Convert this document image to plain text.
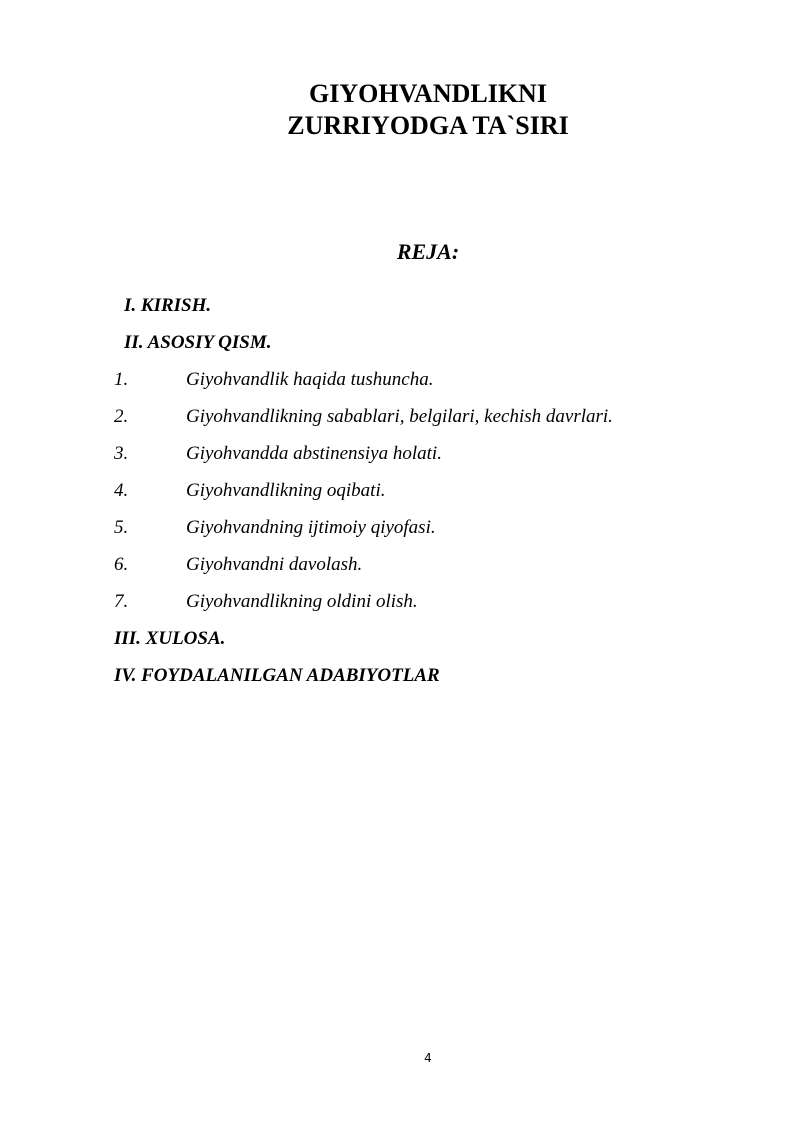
GIYOHVANDLIKNI
ZURRIYODGA TA`SIRI
REJA:
I. KIRISH.
II. ASOSIY QISM.
1.	Giyohvandlik haqida tushuncha.
2.	Giyohvandlikning sabablari, belgilari, kechish davrlari.
3.	Giyohvandda abstinensiya holati.
4.	Giyohvandlikning oqibati.
5.	Giyohvandning ijtimoiy qiyofasi.
6.	Giyohvandni davolash.
7.	Giyohvandlikning oldini olish.
III. XULOSA.
IV. FOYDALANILGAN ADABIYOTLAR
4
